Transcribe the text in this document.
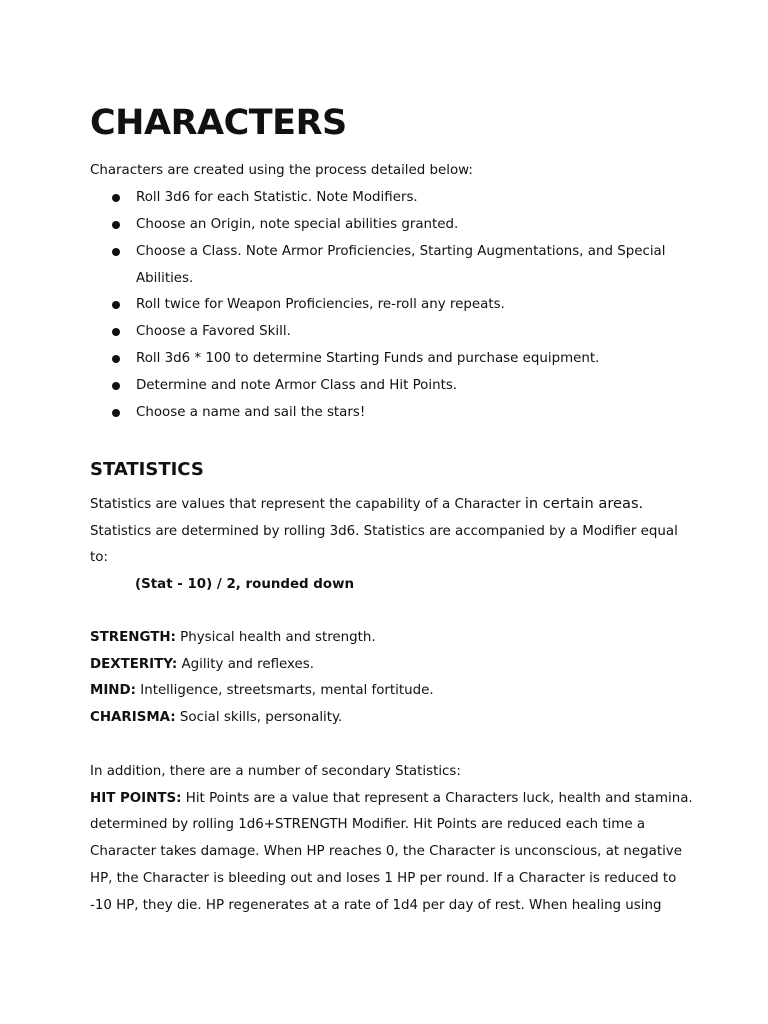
CHARACTERS

Characters are created using the process detailed below:

Roll 3d6 for each Statistic. Note Modifiers.
Choose an Origin, note special abilities granted.
Choose a Class. Note Armor Proficiencies, Starting Augmentations, and Special
Abilities.
Roll twice for Weapon Proficiencies, re-roll any repeats.
Choose a Favored Skill.
Roll 3d6 * 100 to determine Starting Funds and purchase equipment.
Determine and note Armor Class and Hit Points.
Choose a name and sail the stars!
STATISTICS

Statistics are values that represent the capability of a Character in certain areas.

Statistics are determined by rolling 3d6. Statistics are accompanied by a Modifier equal

to:

(Stat - 10) / 2, rounded down

STRENGTH: Physical health and strength.

DEXTERITY: Agility and reflexes.

MIND: Intelligence, streetsmarts, mental fortitude.

CHARISMA: Social skills, personality.

In addition, there are a number of secondary Statistics:

HIT POINTS: Hit Points are a value that represent a Characters luck, health and stamina.

determined by rolling 1d6+STRENGTH Modifier. Hit Points are reduced each time a

Character takes damage. When HP reaches 0, the Character is unconscious, at negative

HP, the Character is bleeding out and loses 1 HP per round. If a Character is reduced to

-10 HP, they die. HP regenerates at a rate of 1d4 per day of rest. When healing using
